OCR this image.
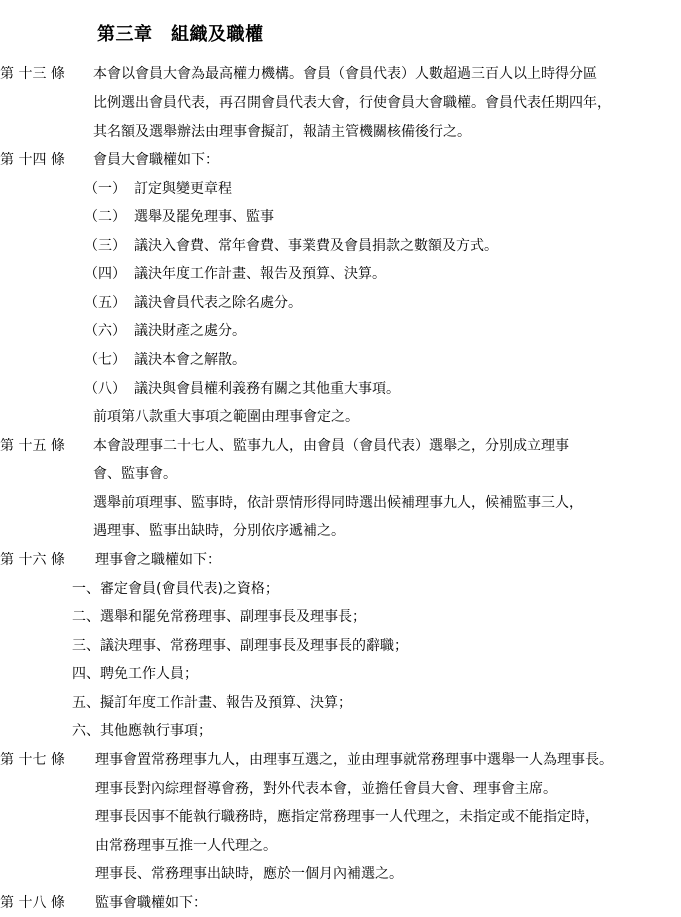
第三章　組織及職權
第 十三 條 本會以會員大會為最高權力機構。會員（會員代表）人數超過三百人以上時得分區
比例選出會員代表，再召開會員代表大會，行使會員大會職權。會員代表任期四年，
其名額及選舉辦法由理事會擬訂，報請主管機關核備後行之。
第 十四 條 會員大會職權如下：
（一） 訂定與變更章程
（二） 選舉及罷免理事、監事
（三） 議決入會費、常年會費、事業費及會員捐款之數額及方式。
（四） 議決年度工作計畫、報告及預算、決算。
（五） 議決會員代表之除名處分。
（六） 議決財產之處分。
（七） 議決本會之解散。
（八） 議決與會員權利義務有關之其他重大事項。
前項第八款重大事項之範圍由理事會定之。
第 十五 條 本會設理事二十七人、監事九人，由會員（會員代表）選舉之，分別成立理事
會、監事會。
選舉前項理事、監事時，依計票情形得同時選出候補理事九人，候補監事三人，
遇理事、監事出缺時，分別依序遞補之。
第 十六 條 理事會之職權如下：
一、審定會員(會員代表)之資格；
二、選舉和罷免常務理事、副理事長及理事長；
三、議決理事、常務理事、副理事長及理事長的辭職；
四、聘免工作人員；
五、擬訂年度工作計畫、報告及預算、決算；
六、其他應執行事項；
第 十七 條 理事會置常務理事九人，由理事互選之，並由理事就常務理事中選舉一人為理事長。
理事長對內綜理督導會務，對外代表本會，並擔任會員大會、理事會主席。
理事長因事不能執行職務時，應指定常務理事一人代理之，未指定或不能指定時，
由常務理事互推一人代理之。
理事長、常務理事出缺時，應於一個月內補選之。
第 十八 條 監事會職權如下：
